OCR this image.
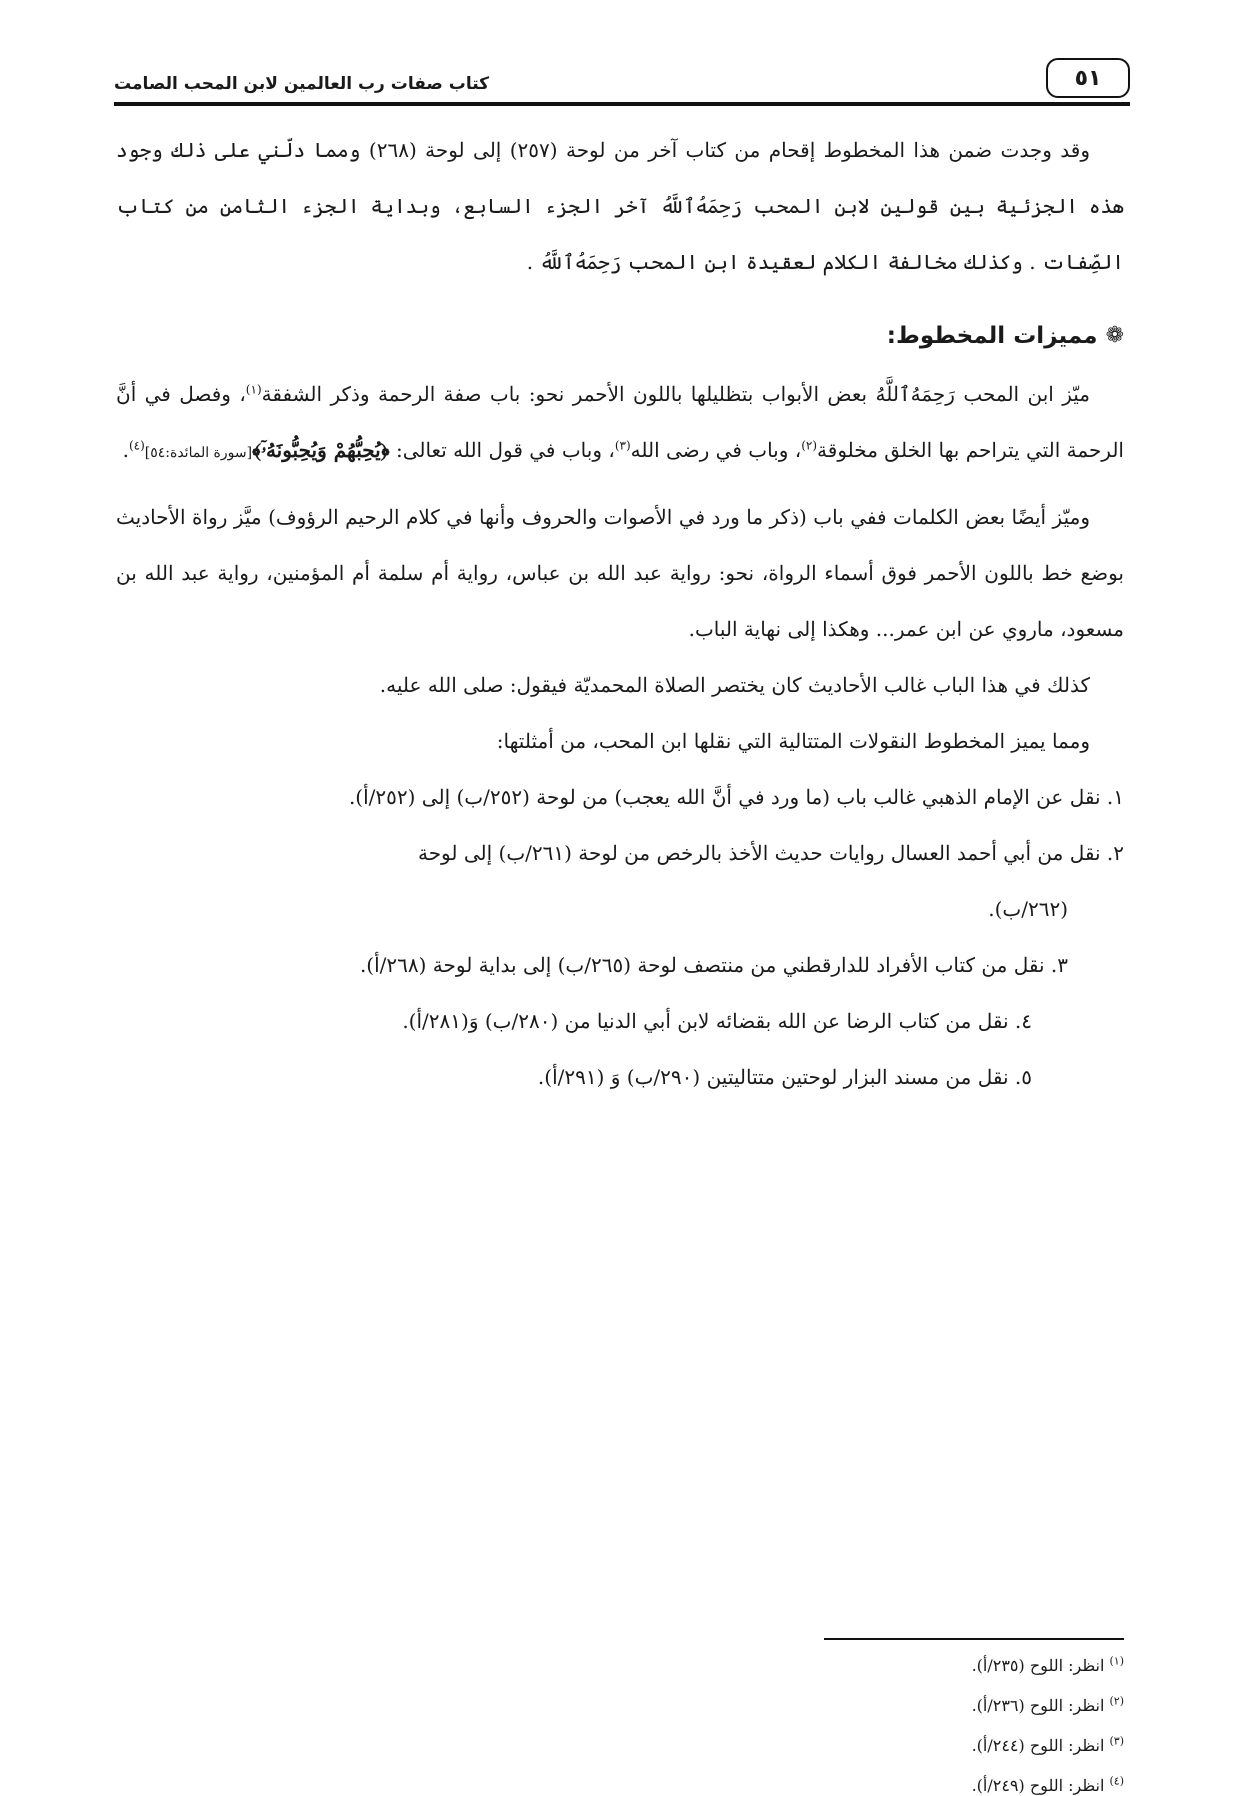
٥١
كتاب صفات رب العالمين لابن المحب الصامت

وقد وجدت ضمن هذا المخطوط إقحام من كتاب آخر من لوحة (٢٥٧) إلى لوحة (٢٦٨) ومما دلّني على ذلك وجود هذه الجزئية بين قولين لابن المحب رَحِمَهُ‌ٱللَّهُ آخر الجزء السابع، وبداية الجزء الثامن من كتاب الصِّفات . وكذلك مخالفة الكلام لعقيدة ابن المحب رَحِمَهُ‌ٱللَّهُ .

❁
مميزات المخطوط:

ميّز ابن المحب رَحِمَهُ‌ٱللَّهُ بعض الأبواب بتظليلها باللون الأحمر نحو: باب صفة الرحمة وذكر الشفقة$^{(١)}$، وفصل في أنَّ الرحمة التي يتراحم بها الخلق مخلوقة$^{(٢)}$، وباب في رضى الله$^{(٣)}$، وباب في قول الله تعالى: ﴿يُحِبُّهُمْ وَيُحِبُّونَهُۥٓ﴾[سورة المائدة:٥٤]$^{(٤)}$.

وميّز أيضًا بعض الكلمات ففي باب (ذكر ما ورد في الأصوات والحروف وأنها في كلام الرحيم الرؤوف) ميَّز رواة الأحاديث بوضع خط باللون الأحمر فوق أسماء الرواة، نحو: رواية عبد الله بن عباس، رواية أم سلمة أم المؤمنين، رواية عبد الله بن مسعود، ماروي عن ابن عمر... وهكذا إلى نهاية الباب.

كذلك في هذا الباب غالب الأحاديث كان يختصر الصلاة المحمديّة فيقول: صلى الله عليه.

ومما يميز المخطوط النقولات المتتالية التي نقلها ابن المحب، من أمثلتها:

١. نقل عن الإمام الذهبي غالب باب (ما ورد في أنَّ الله يعجب) من لوحة (٢٥٢/ب) إلى (٢٥٢/أ).

٢. نقل من أبي أحمد العسال روايات حديث الأخذ بالرخص من لوحة (٢٦١/ب) إلى لوحة

(٢٦٢/ب).

٣. نقل من كتاب الأفراد للدارقطني من منتصف لوحة (٢٦٥/ب) إلى بداية لوحة (٢٦٨/أ).

٤. نقل من كتاب الرضا عن الله بقضائه لابن أبي الدنيا من (٢٨٠/ب) وَ(٢٨١/أ).

٥. نقل من مسند البزار لوحتين متتاليتين (٢٩٠/ب) وَ (٢٩١/أ).

$^{(١)}$ انظر: اللوح (٢٣٥/أ).
$^{(٢)}$ انظر: اللوح (٢٣٦/أ).
$^{(٣)}$ انظر: اللوح (٢٤٤/أ).
$^{(٤)}$ انظر: اللوح (٢٤٩/أ).
